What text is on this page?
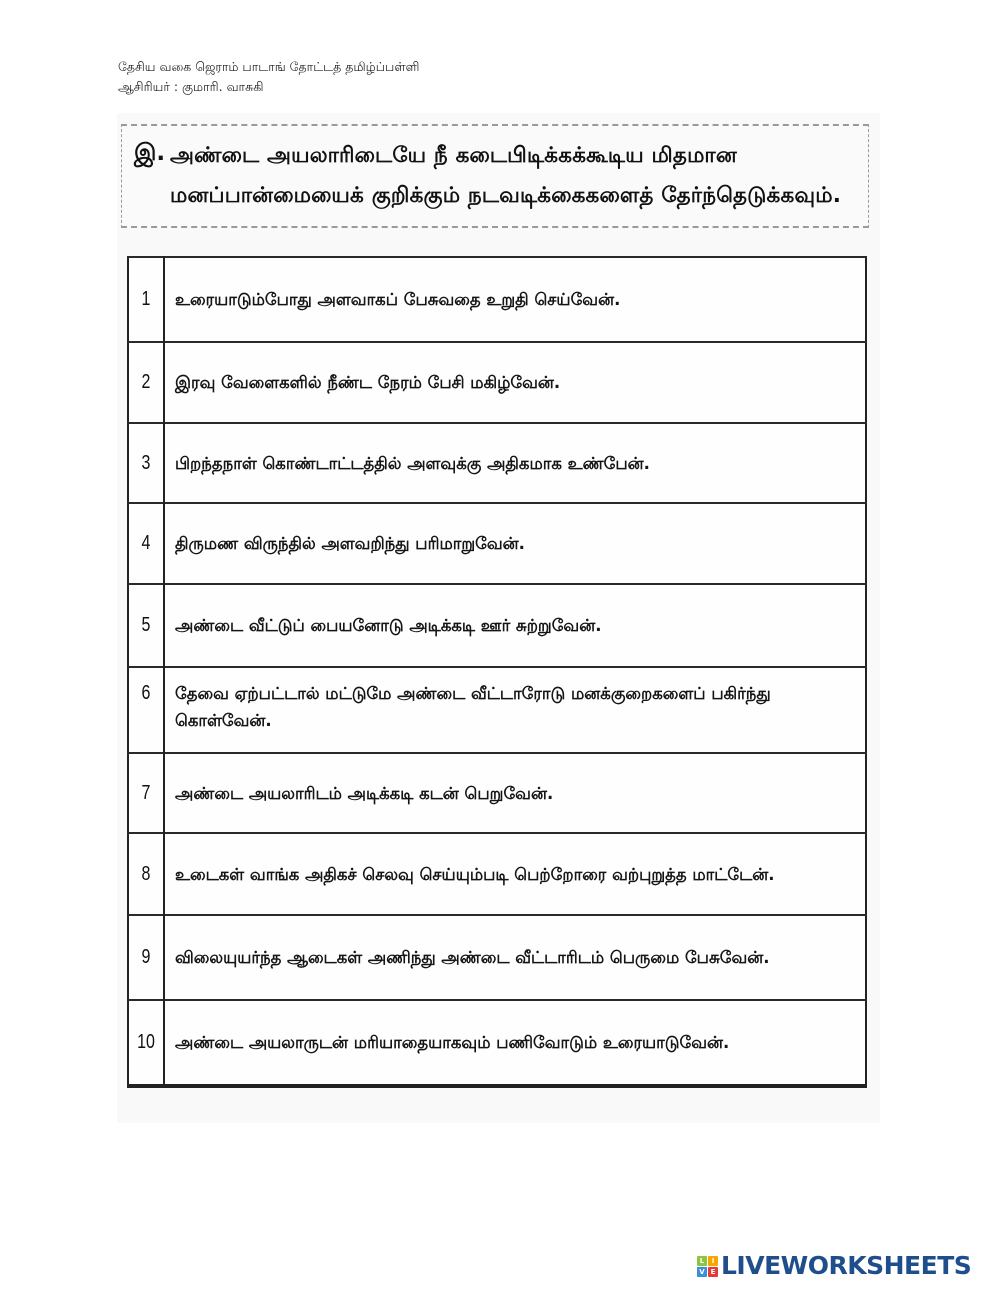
தேசிய வகை ஜெராம் பாடாங் தோட்டத் தமிழ்ப்பள்ளி
ஆசிரியர் : குமாரி. வாசுகி
இ. அண்டை அயலாரிடையே நீ கடைபிடிக்கக்கூடிய மிதமான மனப்பான்மையைக் குறிக்கும் நடவடிக்கைகளைத் தேர்ந்தெடுக்கவும்.
1	உரையாடும்போது அளவாகப் பேசுவதை உறுதி செய்வேன்.
2	இரவு வேளைகளில் நீண்ட நேரம் பேசி மகிழ்வேன்.
3	பிறந்தநாள் கொண்டாட்டத்தில் அளவுக்கு அதிகமாக உண்பேன்.
4	திருமண விருந்தில் அளவறிந்து பரிமாறுவேன்.
5	அண்டை வீட்டுப் பையனோடு அடிக்கடி ஊர் சுற்றுவேன்.
6	தேவை ஏற்பட்டால் மட்டுமே அண்டை வீட்டாரோடு மனக்குறைகளைப் பகிர்ந்து கொள்வேன்.
7	அண்டை அயலாரிடம் அடிக்கடி கடன் பெறுவேன்.
8	உடைகள் வாங்க அதிகச் செலவு செய்யும்படி பெற்றோரை வற்புறுத்த மாட்டேன்.
9	விலையுயர்ந்த ஆடைகள் அணிந்து அண்டை வீட்டாரிடம் பெருமை பேசுவேன்.
10	அண்டை அயலாருடன் மரியாதையாகவும் பணிவோடும் உரையாடுவேன்.
L	I
V E LIVEWORKSHEETS
